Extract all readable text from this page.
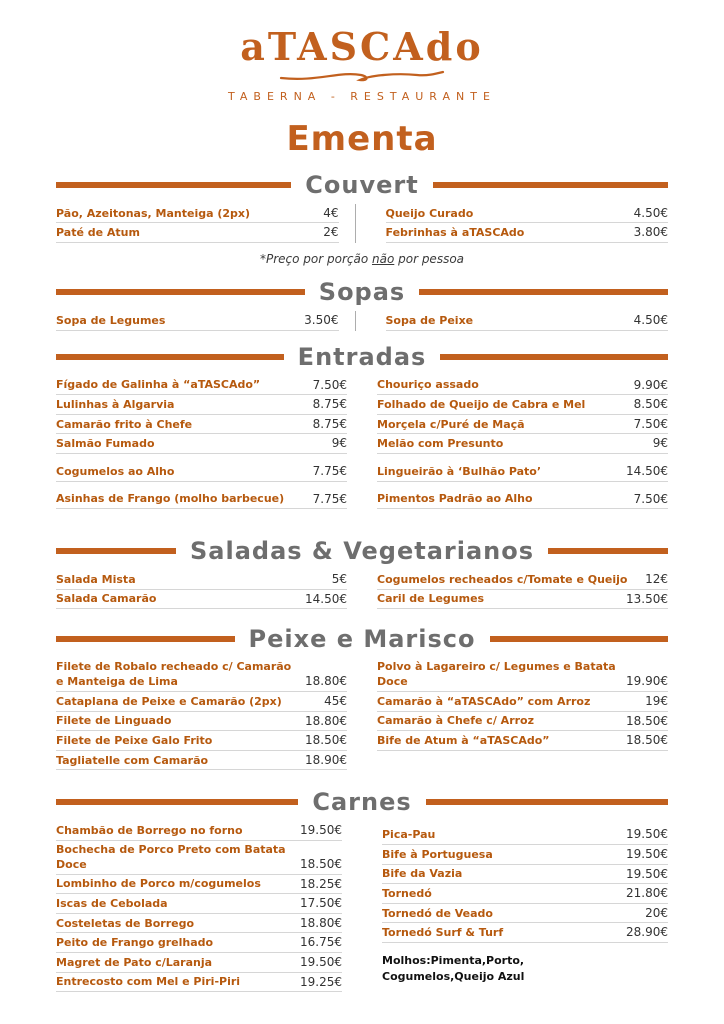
aTASCAdo
TABERNA - RESTAURANTE
Ementa
Couvert
Pão, Azeitonas, Manteiga (2px)	4€
Paté de Atum	2€
Queijo Curado	4.50€
Febrinhas à aTASCAdo	3.80€
*Preço por porção não por pessoa
Sopas
Sopa de Legumes	3.50€	Sopa de Peixe	4.50€
Entradas
Fígado de Galinha à “aTASCAdo”	7.50€
Lulinhas à Algarvia	8.75€
Camarão frito à Chefe	8.75€
Salmão Fumado	9€
Cogumelos ao Alho	7.75€
Asinhas de Frango (molho barbecue)	7.75€
Chouriço assado	9.90€
Folhado de Queijo de Cabra e Mel	8.50€
Morçela c/Puré de Maçã	7.50€
Melão com Presunto	9€
Lingueirão à ‘Bulhão Pato’	14.50€
Pimentos Padrão ao Alho	7.50€
Saladas & Vegetarianos
Salada Mista	5€
Salada Camarão	14.50€
Cogumelos recheados c/Tomate e Queijo	12€
Caril de Legumes	13.50€
Peixe e Marisco
Filete de Robalo recheado c/ Camarão e Manteiga de Lima	18.80€
Cataplana de Peixe e Camarão (2px)	45€
Filete de Linguado	18.80€
Filete de Peixe Galo Frito	18.50€
Tagliatelle com Camarão	18.90€
Polvo à Lagareiro c/ Legumes e Batata Doce	19.90€
Camarão à “aTASCAdo” com Arroz	19€
Camarão à Chefe c/ Arroz	18.50€
Bife de Atum à “aTASCAdo”	18.50€
Carnes
Chambão de Borrego no forno	19.50€
Bochecha de Porco Preto com Batata Doce	18.50€
Lombinho de Porco m/cogumelos	18.25€
Iscas de Cebolada	17.50€
Costeletas de Borrego	18.80€
Peito de Frango grelhado	16.75€
Magret de Pato c/Laranja	19.50€
Entrecosto com Mel e Piri-Piri	19.25€
Pica-Pau	19.50€
Bife à Portuguesa	19.50€
Bife da Vazia	19.50€
Tornedó	21.80€
Tornedó de Veado	20€
Tornedó Surf & Turf	28.90€
Molhos:Pimenta,Porto,
Cogumelos,Queijo Azul
